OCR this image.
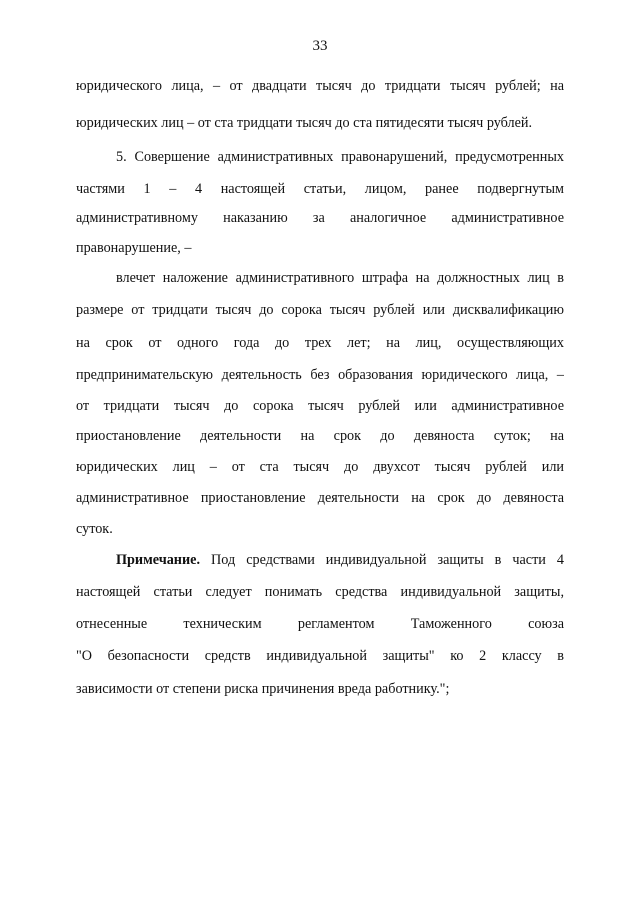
33
юридического лица, – от двадцати тысяч до тридцати тысяч рублей; на
юридических лиц – от ста тридцати тысяч до ста пятидесяти тысяч рублей.
5. Совершение административных правонарушений, предусмотренных
частями 1 – 4 настоящей статьи, лицом, ранее подвергнутым
административному наказанию за аналогичное административное
правонарушение, –
влечет наложение административного штрафа на должностных лиц в
размере от тридцати тысяч до сорока тысяч рублей или дисквалификацию
на срок от одного года до трех лет; на лиц, осуществляющих
предпринимательскую деятельность без образования юридического лица, –
от тридцати тысяч до сорока тысяч рублей или административное
приостановление деятельности на срок до девяноста суток; на
юридических лиц – от ста тысяч до двухсот тысяч рублей или
административное приостановление деятельности на срок до девяноста
суток.
Примечание. Под средствами индивидуальной защиты в части 4
настоящей статьи следует понимать средства индивидуальной защиты,
отнесенные техническим регламентом Таможенного союза
"О безопасности средств индивидуальной защиты" ко 2 классу в
зависимости от степени риска причинения вреда работнику.";
